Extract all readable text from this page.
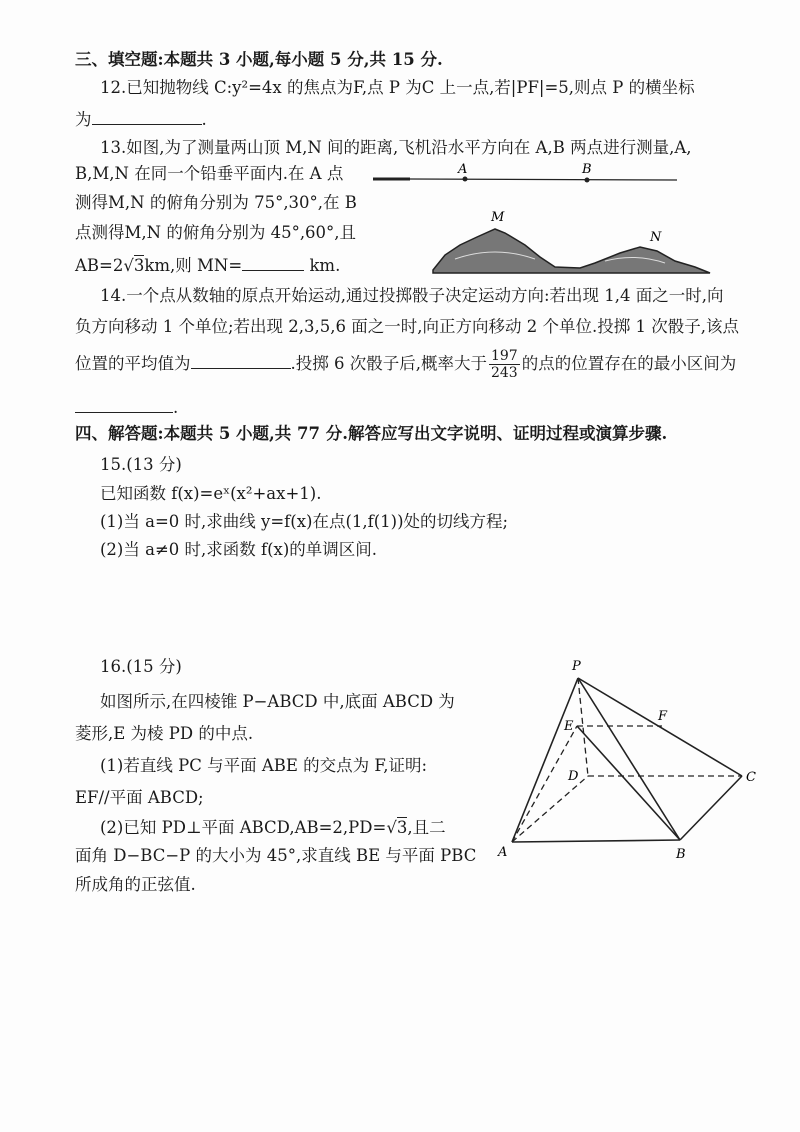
三、填空题:本题共 3 小题,每小题 5 分,共 15 分.
12.已知抛物线 C:y²=4x 的焦点为F,点 P 为C 上一点,若|PF|=5,则点 P 的横坐标
为	.
13.如图,为了测量两山顶 M,N 间的距离,飞机沿水平方向在 A,B 两点进行测量,A,
B,M,N 在同一个铅垂平面内.在 A 点
测得M,N 的俯角分别为 75°,30°,在 B
点测得M,N 的俯角分别为 45°,60°,且
AB=2√3km,则 MN=	km.
A	B
M
N
14.一个点从数轴的原点开始运动,通过投掷骰子决定运动方向:若出现 1,4 面之一时,向
负方向移动 1 个单位;若出现 2,3,5,6 面之一时,向正方向移动 2 个单位.投掷 1 次骰子,该点
位置的平均值为	.投掷 6 次骰子后,概率大于 $\frac{197}{243}$ 的点的位置存在的最小区间为
.
四、解答题:本题共 5 小题,共 77 分.解答应写出文字说明、证明过程或演算步骤.
15.(13 分)
已知函数 f(x)=eˣ(x²+ax+1).
(1)当 a=0 时,求曲线 y=f(x)在点(1,f(1))处的切线方程;
(2)当 a≠0 时,求函数 f(x)的单调区间.
16.(15 分)
如图所示,在四棱锥 P−ABCD 中,底面 ABCD 为
菱形,E 为棱 PD 的中点.
(1)若直线 PC 与平面 ABE 的交点为 F,证明:
EF//平面 ABCD;
(2)已知 PD⊥平面 ABCD,AB=2,PD=√3,且二
面角 D−BC−P 的大小为 45°,求直线 BE 与平面 PBC
所成角的正弦值.
P
A	B
C
D
E
F
